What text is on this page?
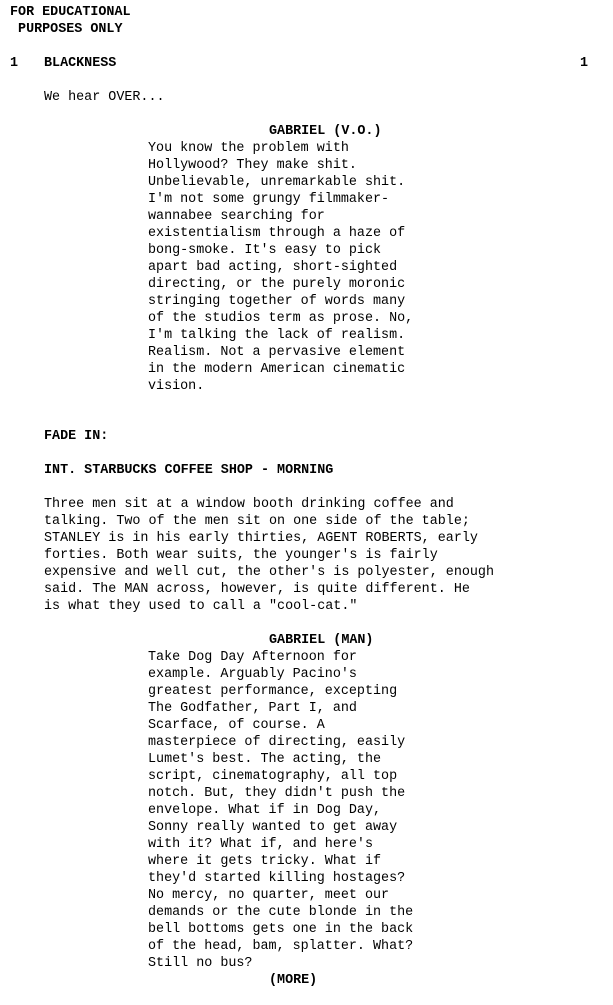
FOR EDUCATIONAL
PURPOSES ONLY
1 BLACKNESS	1
We hear OVER...
GABRIEL (V.O.)
You know the problem with
Hollywood? They make shit.
Unbelievable, unremarkable shit.
I'm not some grungy filmmaker-
wannabee searching for
existentialism through a haze of
bong-smoke. It's easy to pick
apart bad acting, short-sighted
directing, or the purely moronic
stringing together of words many
of the studios term as prose. No,
I'm talking the lack of realism.
Realism. Not a pervasive element
in the modern American cinematic
vision.
FADE IN:
INT. STARBUCKS COFFEE SHOP - MORNING
Three men sit at a window booth drinking coffee and
talking. Two of the men sit on one side of the table;
STANLEY is in his early thirties, AGENT ROBERTS, early
forties. Both wear suits, the younger's is fairly
expensive and well cut, the other's is polyester, enough
said. The MAN across, however, is quite different. He
is what they used to call a "cool-cat."
GABRIEL (MAN)
Take Dog Day Afternoon for
example. Arguably Pacino's
greatest performance, excepting
The Godfather, Part I, and
Scarface, of course. A
masterpiece of directing, easily
Lumet's best. The acting, the
script, cinematography, all top
notch. But, they didn't push the
envelope. What if in Dog Day,
Sonny really wanted to get away
with it? What if, and here's
where it gets tricky. What if
they'd started killing hostages?
No mercy, no quarter, meet our
demands or the cute blonde in the
bell bottoms gets one in the back
of the head, bam, splatter. What?
Still no bus?
(MORE)
